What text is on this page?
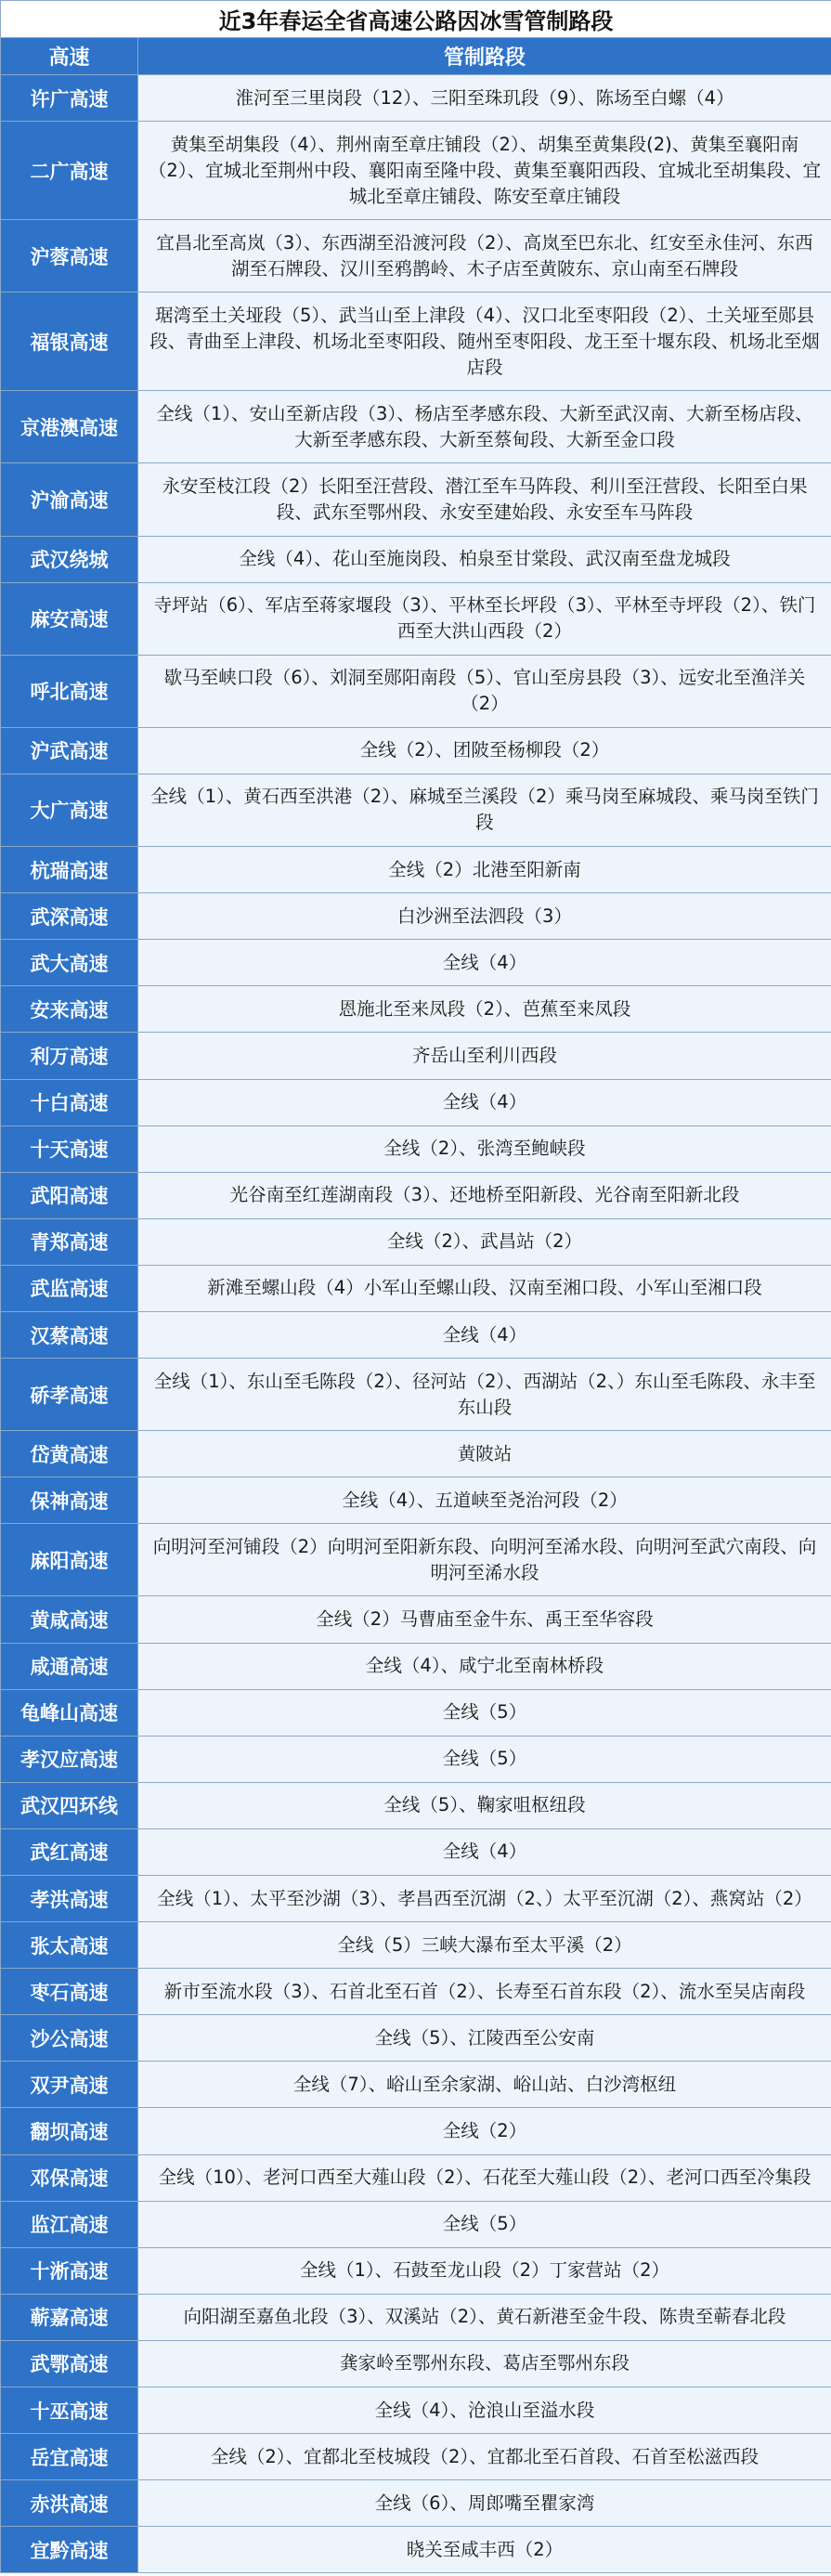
近3年春运全省高速公路因冰雪管制路段	
高速	管制路段
许广高速	淮河至三里岗段（12）、三阳至珠玑段（9）、陈场至白螺（4）
二广高速	黄集至胡集段（4）、荆州南至章庄铺段（2）、胡集至黄集段(2)、黄集至襄阳南（2）、宜城北至荆州中段、襄阳南至隆中段、黄集至襄阳西段、宜城北至胡集段、宜城北至章庄铺段、陈安至章庄铺段
沪蓉高速	宜昌北至高岚（3）、东西湖至沿渡河段（2）、高岚至巴东北、红安至永佳河、东西湖至石牌段、汉川至鸦鹊岭、木子店至黄陂东、京山南至石牌段
福银高速	琚湾至土关垭段（5）、武当山至上津段（4）、汉口北至枣阳段（2）、土关垭至郧县段、青曲至上津段、机场北至枣阳段、随州至枣阳段、龙王至十堰东段、机场北至烟店段
京港澳高速	全线（1）、安山至新店段（3）、杨店至孝感东段、大新至武汉南、大新至杨店段、大新至孝感东段、大新至蔡甸段、大新至金口段
沪渝高速	永安至枝江段（2）长阳至汪营段、潜江至车马阵段、利川至汪营段、长阳至白果段、武东至鄂州段、永安至建始段、永安至车马阵段
武汉绕城	全线（4）、花山至施岗段、柏泉至甘棠段、武汉南至盘龙城段
麻安高速	寺坪站（6）、军店至蒋家堰段（3）、平林至长坪段（3）、平林至寺坪段（2）、铁门西至大洪山西段（2）
呼北高速	歇马至峡口段（6）、刘洞至郧阳南段（5）、官山至房县段（3）、远安北至渔洋关（2）
沪武高速	全线（2）、团陂至杨柳段（2）
大广高速	全线（1）、黄石西至洪港（2）、麻城至兰溪段（2）乘马岗至麻城段、乘马岗至铁门段
杭瑞高速	全线（2）北港至阳新南
武深高速	白沙洲至法泗段（3）
武大高速	全线（4）
安来高速	恩施北至来凤段（2）、芭蕉至来凤段
利万高速	齐岳山至利川西段
十白高速	全线（4）
十天高速	全线（2）、张湾至鲍峡段
武阳高速	光谷南至红莲湖南段（3）、还地桥至阳新段、光谷南至阳新北段
青郑高速	全线（2）、武昌站（2）
武监高速	新滩至螺山段（4）小军山至螺山段、汉南至湘口段、小军山至湘口段
汉蔡高速	全线（4）
硚孝高速	全线（1）、东山至毛陈段（2）、径河站（2）、西湖站（2、）东山至毛陈段、永丰至东山段
岱黄高速	黄陂站
保神高速	全线（4）、五道峡至尧治河段（2）
麻阳高速	向明河至河铺段（2）向明河至阳新东段、向明河至浠水段、向明河至武穴南段、向明河至浠水段
黄咸高速	全线（2）马曹庙至金牛东、禹王至华容段
咸通高速	全线（4）、咸宁北至南林桥段
龟峰山高速	全线（5）
孝汉应高速	全线（5）
武汉四环线	全线（5）、鞠家咀枢纽段
武红高速	全线（4）
孝洪高速	全线（1）、太平至沙湖（3）、孝昌西至沉湖（2、）太平至沉湖（2）、燕窝站（2）
张太高速	全线（5）三峡大瀑布至太平溪（2）
枣石高速	新市至流水段（3）、石首北至石首（2）、长寿至石首东段（2）、流水至吴店南段
沙公高速	全线（5）、江陵西至公安南
双尹高速	全线（7）、峪山至余家湖、峪山站、白沙湾枢纽
翻坝高速	全线（2）
邓保高速	全线（10）、老河口西至大薤山段（2）、石花至大薤山段（2）、老河口西至冷集段
监江高速	全线（5）
十淅高速	全线（1）、石鼓至龙山段（2）丁家营站（2）
蕲嘉高速	向阳湖至嘉鱼北段（3）、双溪站（2）、黄石新港至金牛段、陈贵至蕲春北段
武鄂高速	龚家岭至鄂州东段、葛店至鄂州东段
十巫高速	全线（4）、沧浪山至溢水段
岳宜高速	全线（2）、宜都北至枝城段（2）、宜都北至石首段、石首至松滋西段
赤洪高速	全线（6）、周郎嘴至瞿家湾
宜黔高速	晓关至咸丰西（2）
